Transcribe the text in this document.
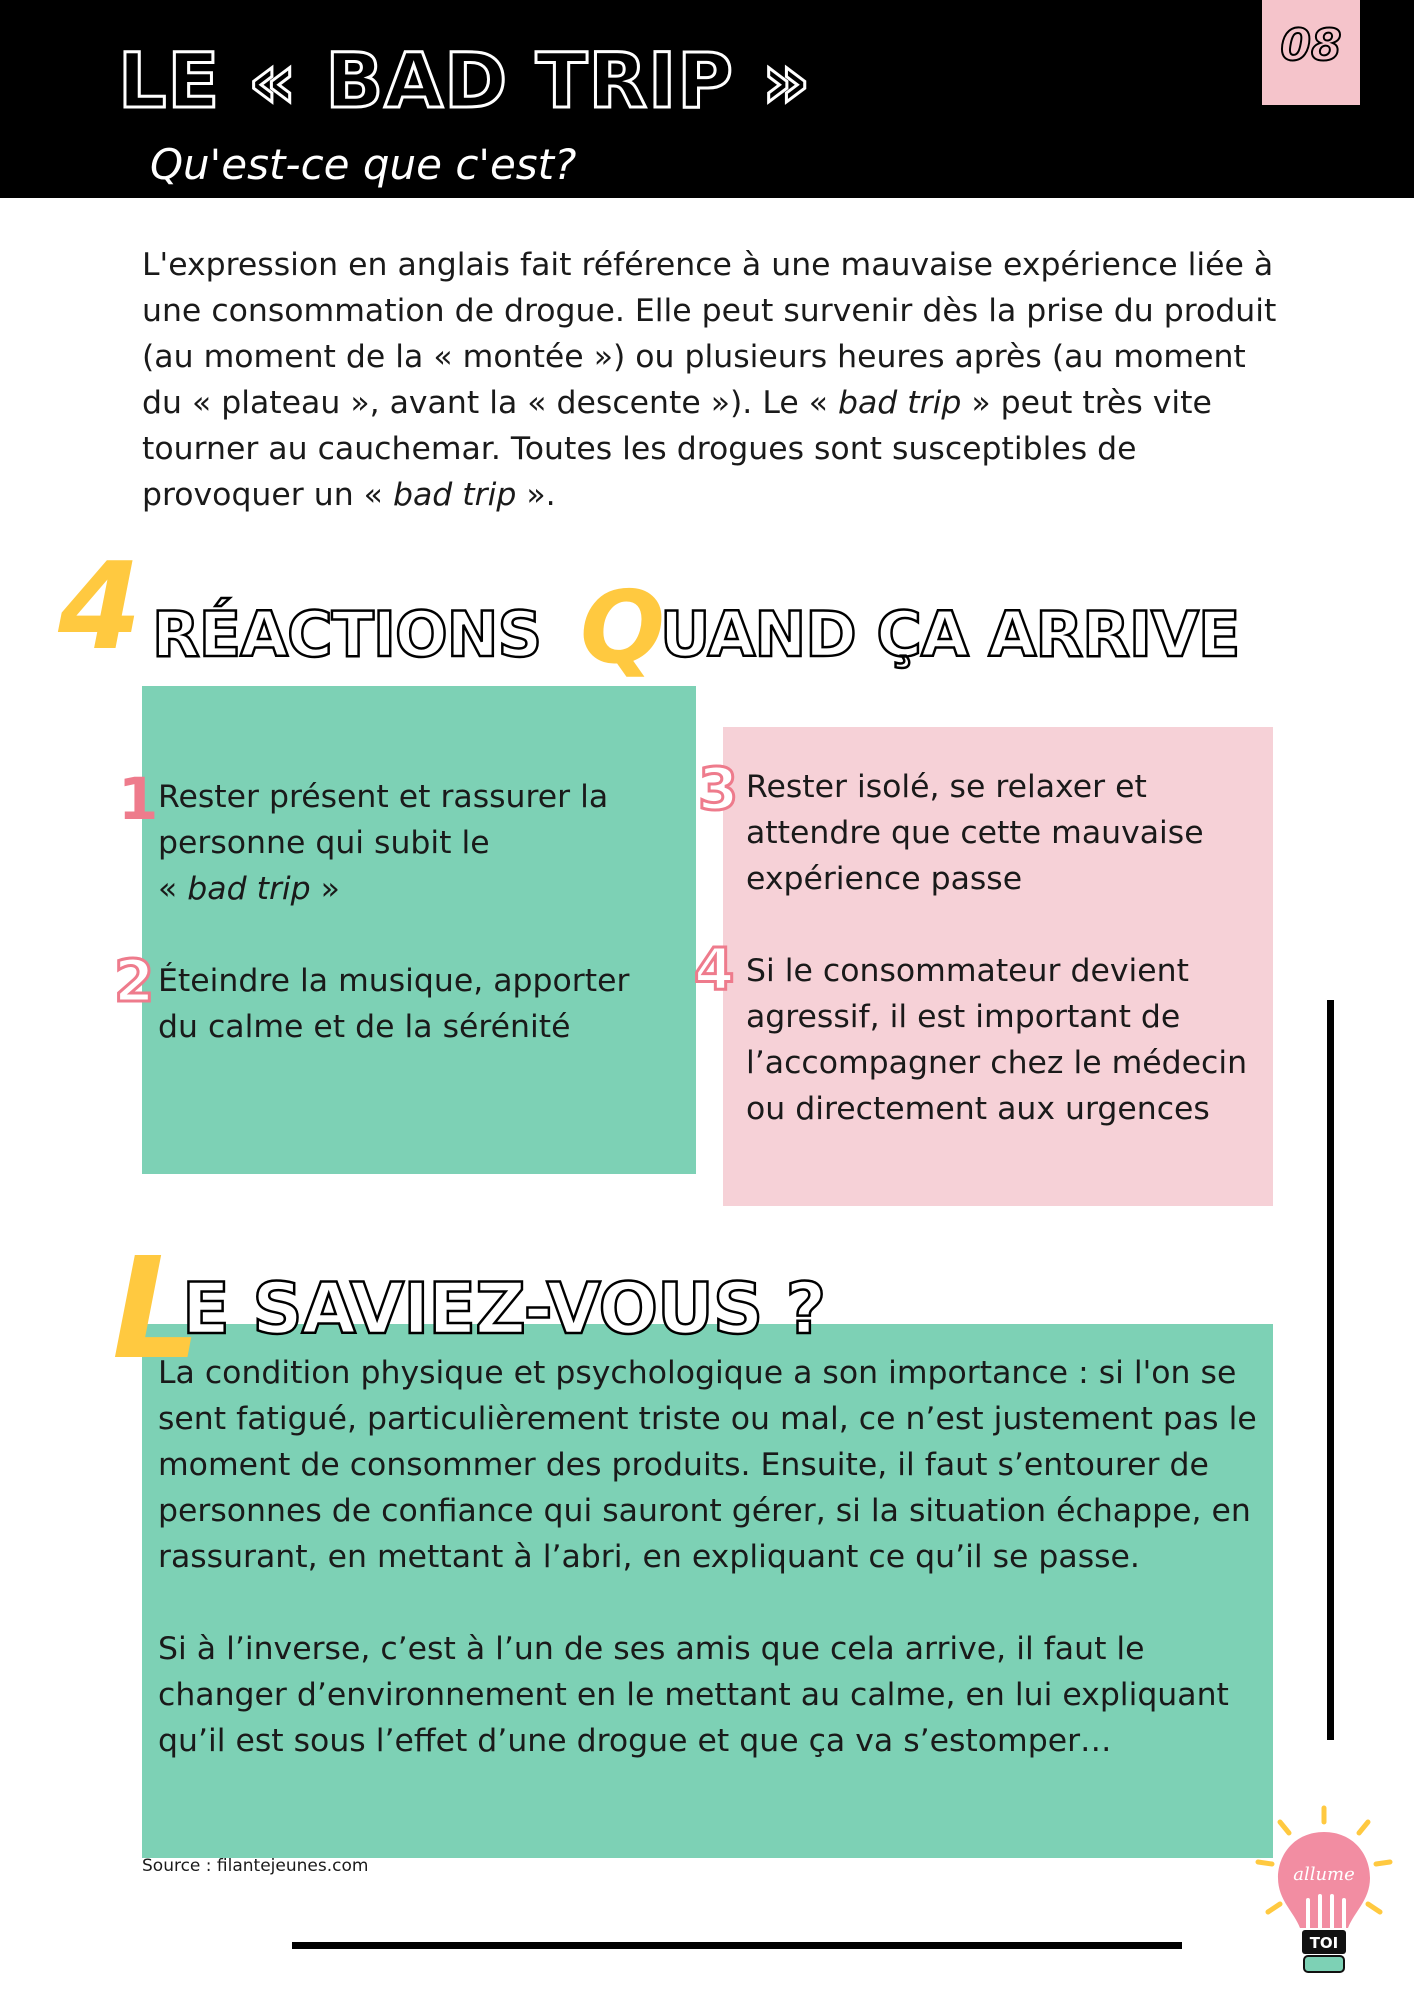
LE « BAD TRIP »
Qu'est-ce que c'est?
08
L'expression en anglais fait référence à une mauvaise expérience liée à une consommation de drogue. Elle peut survenir dès la prise du produit (au moment de la « montée ») ou plusieurs heures après (au moment du « plateau », avant la « descente »). Le « bad trip » peut très vite tourner au cauchemar. Toutes les drogues sont susceptibles de provoquer un « bad trip ».
4 RÉACTIONS Q
UAND ÇA ARRIVE
1 Rester présent et rassurer la personne qui subit le
« bad trip »
2 Éteindre la musique, apporter du calme et de la sérénité
3 Rester isolé, se relaxer et attendre que cette mauvaise expérience passe
4 Si le consommateur devient agressif, il est important de l’accompagner chez le médecin ou directement aux urgences
L
E SAVIEZ-VOUS ?

La condition physique et psychologique a son importance : si l'on se sent fatigué, particulièrement triste ou mal, ce n’est justement pas le moment de consommer des produits. Ensuite, il faut s’entourer de personnes de confiance qui sauront gérer, si la situation échappe, en rassurant, en mettant à l’abri, en expliquant ce qu’il se passe.

Si à l’inverse, c’est à l’un de ses amis que cela arrive, il faut le changer d’environnement en le mettant au calme, en lui expliquant qu’il est sous l’effet d’une drogue et que ça va s’estomper…

Source : filantejeunes.com	allume
TOI
